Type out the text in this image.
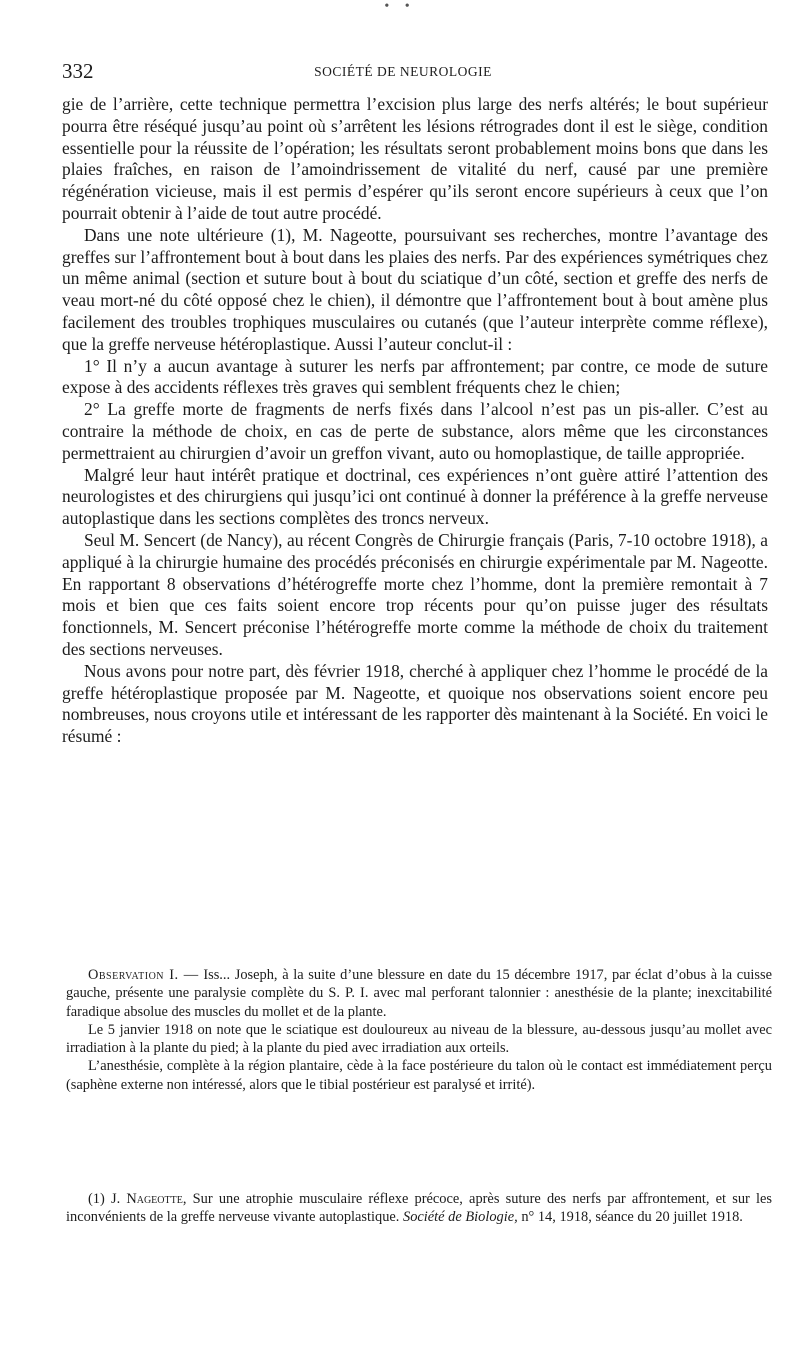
• •
332	SOCIÉTÉ DE NEUROLOGIE

gie de l’arrière, cette technique permettra l’excision plus large des nerfs altérés; le bout supérieur pourra être réséqué jusqu’au point où s’arrêtent les lésions rétrogrades dont il est le siège, condition essentielle pour la réussite de l’opération; les résultats seront probablement moins bons que dans les plaies fraîches, en raison de l’amoindrissement de vitalité du nerf, causé par une première régénération vicieuse, mais il est permis d’espérer qu’ils seront encore supérieurs à ceux que l’on pourrait obtenir à l’aide de tout autre procédé.

Dans une note ultérieure (1), M. Nageotte, poursuivant ses recherches, montre l’avantage des greffes sur l’affrontement bout à bout dans les plaies des nerfs. Par des expériences symétriques chez un même animal (section et suture bout à bout du sciatique d’un côté, section et greffe des nerfs de veau mort-né du côté opposé chez le chien), il démontre que l’affrontement bout à bout amène plus facilement des troubles trophiques musculaires ou cutanés (que l’auteur interprète comme réflexe), que la greffe nerveuse hétéroplastique. Aussi l’auteur conclut-il :

1° Il n’y a aucun avantage à suturer les nerfs par affrontement; par contre, ce mode de suture expose à des accidents réflexes très graves qui semblent fréquents chez le chien;

2° La greffe morte de fragments de nerfs fixés dans l’alcool n’est pas un pis-aller. C’est au contraire la méthode de choix, en cas de perte de substance, alors même que les circonstances permettraient au chirurgien d’avoir un greffon vivant, auto ou homoplastique, de taille appropriée.

Malgré leur haut intérêt pratique et doctrinal, ces expériences n’ont guère attiré l’attention des neurologistes et des chirurgiens qui jusqu’ici ont continué à donner la préférence à la greffe nerveuse autoplastique dans les sections complètes des troncs nerveux.

Seul M. Sencert (de Nancy), au récent Congrès de Chirurgie français (Paris, 7-10 octobre 1918), a appliqué à la chirurgie humaine des procédés préconisés en chirurgie expérimentale par M. Nageotte. En rapportant 8 observations d’hétérogreffe morte chez l’homme, dont la première remontait à 7 mois et bien que ces faits soient encore trop récents pour qu’on puisse juger des résultats fonctionnels, M. Sencert préconise l’hétérogreffe morte comme la méthode de choix du traitement des sections nerveuses.

Nous avons pour notre part, dès février 1918, cherché à appliquer chez l’homme le procédé de la greffe hétéroplastique proposée par M. Nageotte, et quoique nos observations soient encore peu nombreuses, nous croyons utile et intéressant de les rapporter dès maintenant à la Société. En voici le résumé :

Observation I. — Iss... Joseph, à la suite d’une blessure en date du 15 décembre 1917, par éclat d’obus à la cuisse gauche, présente une paralysie complète du S. P. I. avec mal perforant talonnier : anesthésie de la plante; inexcitabilité faradique absolue des muscles du mollet et de la plante.

Le 5 janvier 1918 on note que le sciatique est douloureux au niveau de la blessure, au-dessous jusqu’au mollet avec irradiation à la plante du pied; à la plante du pied avec irradiation aux orteils.

L’anesthésie, complète à la région plantaire, cède à la face postérieure du talon où le contact est immédiatement perçu (saphène externe non intéressé, alors que le tibial postérieur est paralysé et irrité).

(1) J. Nageotte, Sur une atrophie musculaire réflexe précoce, après suture des nerfs par affrontement, et sur les inconvénients de la greffe nerveuse vivante autoplastique. Société de Biologie, n° 14, 1918, séance du 20 juillet 1918.
